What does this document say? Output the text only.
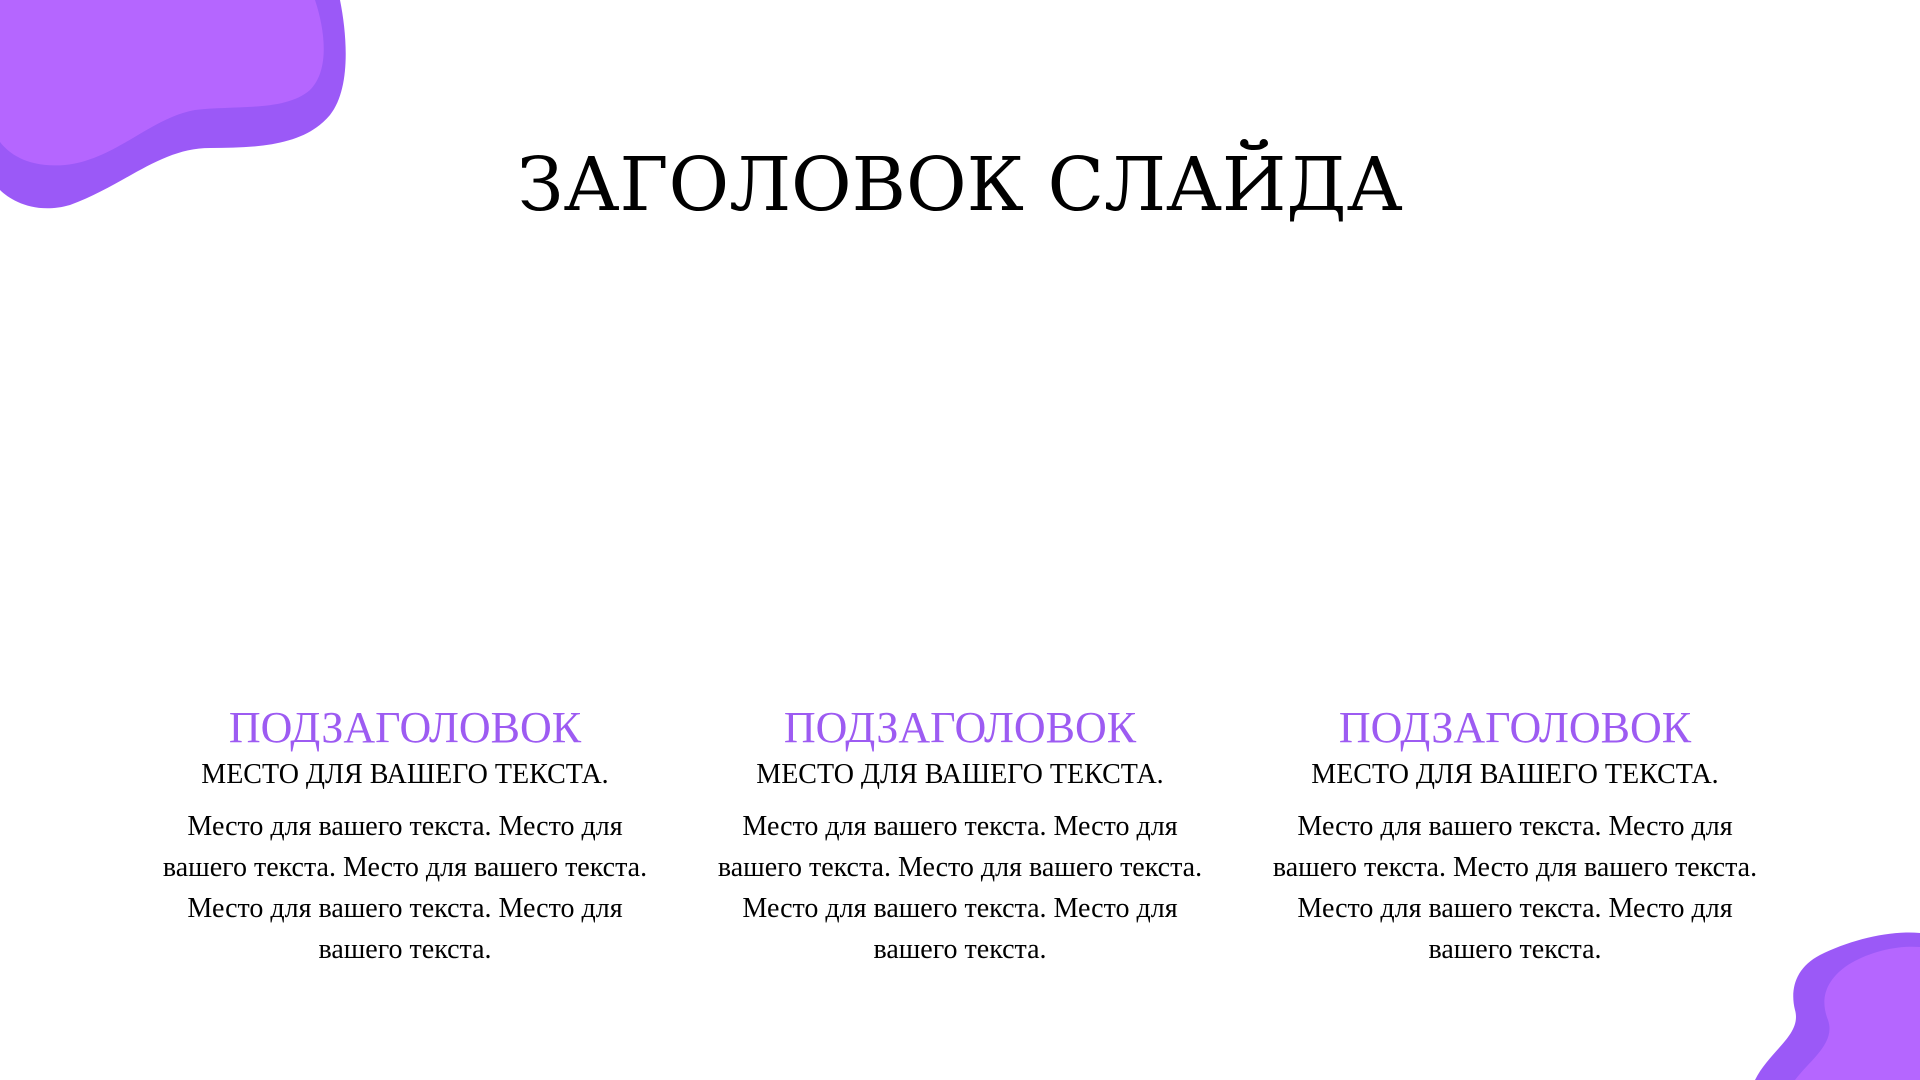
ЗАГОЛОВОК СЛАЙДА
ПОДЗАГОЛОВОК

МЕСТО ДЛЯ ВАШЕГО ТЕКСТА.

Место для вашего текста. Место для вашего текста. Место для вашего текста. Место для вашего текста. Место для вашего текста.

ПОДЗАГОЛОВОК

МЕСТО ДЛЯ ВАШЕГО ТЕКСТА.

Место для вашего текста. Место для вашего текста. Место для вашего текста. Место для вашего текста. Место для вашего текста.

ПОДЗАГОЛОВОК

МЕСТО ДЛЯ ВАШЕГО ТЕКСТА.

Место для вашего текста. Место для вашего текста. Место для вашего текста. Место для вашего текста. Место для вашего текста.
